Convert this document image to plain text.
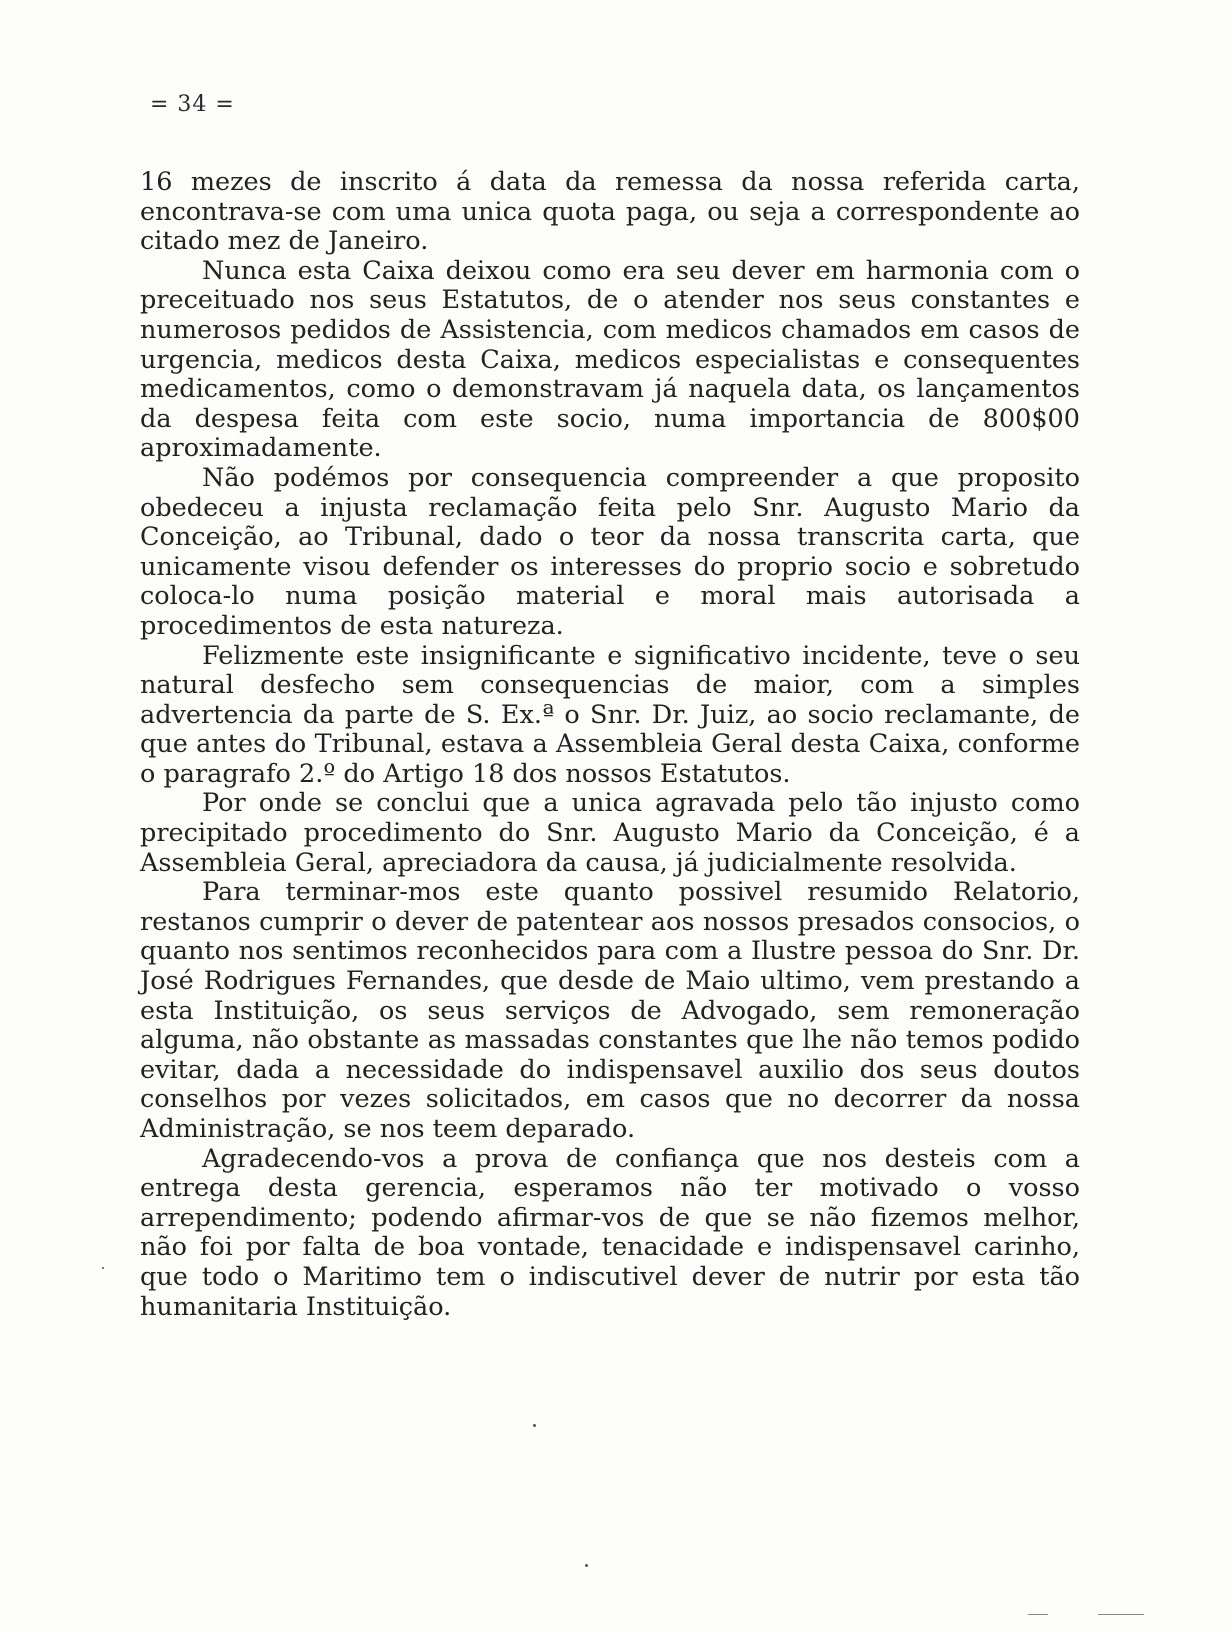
= 34 =

16 mezes de inscrito á data da remessa da nossa referida carta, encontrava-se com uma unica quota paga, ou seja a correspondente ao citado mez de Janeiro.

Nunca esta Caixa deixou como era seu dever em harmonia com o preceituado nos seus Estatutos, de o atender nos seus constantes e numerosos pedidos de Assistencia, com medicos chamados em casos de urgencia, medicos desta Caixa, medicos especialistas e consequentes medicamentos, como o demonstravam já naquela data, os lançamentos da despesa feita com este socio, numa importancia de 800$00 aproximadamente.

Não podémos por consequencia compreender a que proposito obedeceu a injusta reclamação feita pelo Snr. Augusto Mario da Conceição, ao Tribunal, dado o teor da nossa transcrita carta, que unicamente visou defender os interesses do proprio socio e sobretudo coloca-lo numa posição material e moral mais autorisada a procedimentos de esta natureza.

Felizmente este insignificante e significativo incidente, teve o seu natural desfecho sem consequencias de maior, com a simples advertencia da parte de S. Ex.ª o Snr. Dr. Juiz, ao socio reclamante, de que antes do Tribunal, estava a Assembleia Geral desta Caixa, conforme o paragrafo 2.º do Artigo 18 dos nossos Estatutos.

Por onde se conclui que a unica agravada pelo tão injusto como precipitado procedimento do Snr. Augusto Mario da Conceição, é a Assembleia Geral, apreciadora da causa, já judicialmente resolvida.

Para terminar-mos este quanto possivel resumido Relatorio, restanos cumprir o dever de patentear aos nossos presados consocios, o quanto nos sentimos reconhecidos para com a Ilustre pessoa do Snr. Dr. José Rodrigues Fernandes, que desde de Maio ultimo, vem prestando a esta Instituição, os seus serviços de Advogado, sem remoneração alguma, não obstante as massadas constantes que lhe não temos podido evitar, dada a necessidade do indispensavel auxilio dos seus doutos conselhos por vezes solicitados, em casos que no decorrer da nossa Administração, se nos teem deparado.

Agradecendo-vos a prova de confiança que nos desteis com a entrega desta gerencia, esperamos não ter motivado o vosso arrependimento; podendo afirmar-vos de que se não fizemos melhor, não foi por falta de boa vontade, tenacidade e indispensavel carinho, que todo o Maritimo tem o indiscutivel dever de nutrir por esta tão humanitaria Instituição.
